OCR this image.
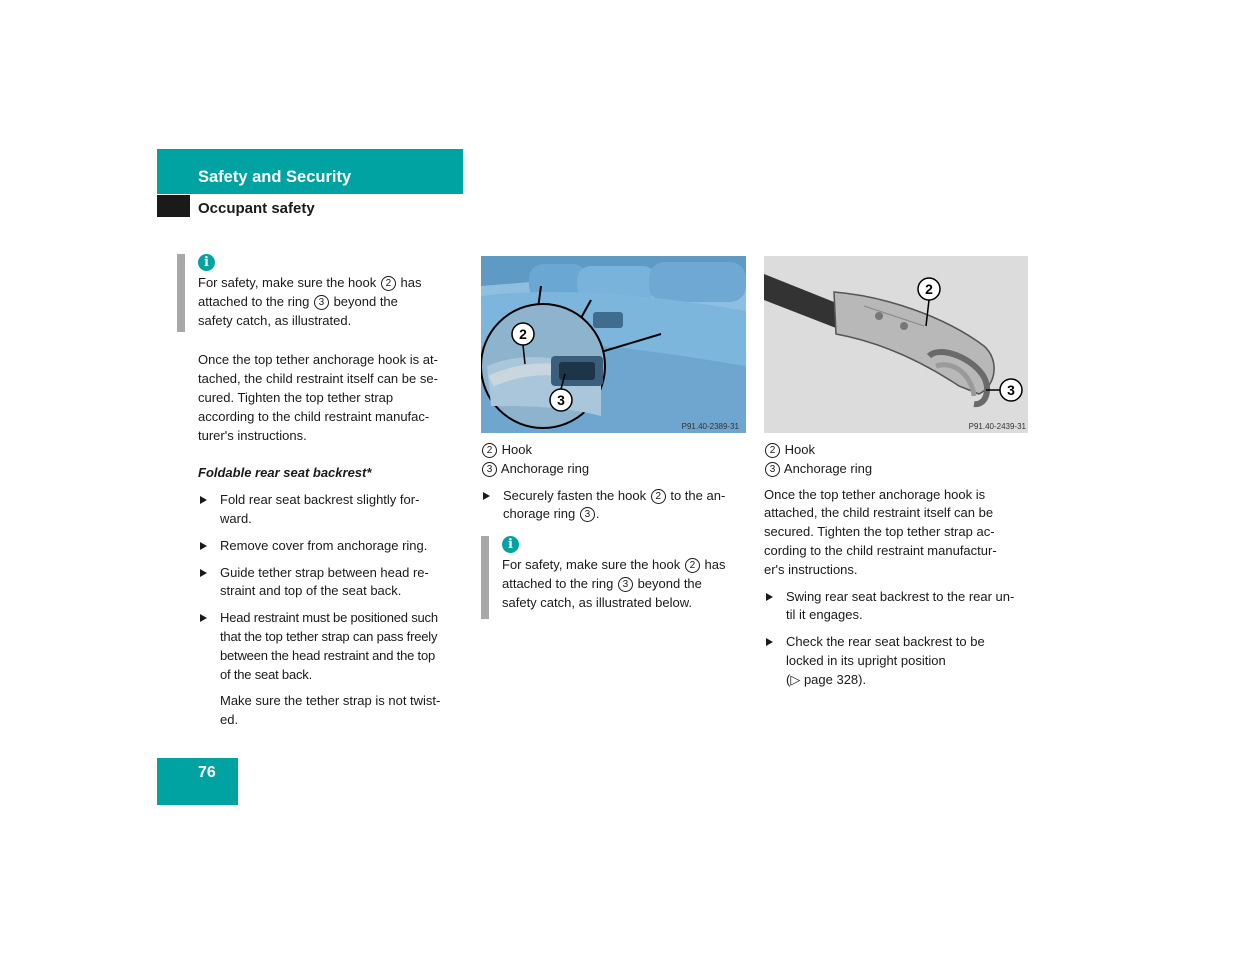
Safety and Security
Occupant safety
i

For safety, make sure the hook 2 has
attached to the ring 3 beyond the
safety catch, as illustrated.

Once the top tether anchorage hook is at-
tached, the child restraint itself can be se-
cured. Tighten the top tether strap
according to the child restraint manufac-
turer's instructions.

Foldable rear seat backrest*

Fold rear seat backrest slightly for-
ward.

Remove cover from anchorage ring.

Guide tether strap between head re-
straint and top of the seat back.

Head restraint must be positioned such
that the top tether strap can pass freely
between the head restraint and the top
of the seat back.

Make sure the tether strap is not twist-
ed.

2
3
P91.40-2389-31

2 Hook

3 Anchorage ring

Securely fasten the hook 2 to the an-
chorage ring 3 .

i

For safety, make sure the hook 2 has
attached to the ring 3 beyond the
safety catch, as illustrated below.

2
3
P91.40-2439-31

2 Hook

3 Anchorage ring

Once the top tether anchorage hook is
attached, the child restraint itself can be
secured. Tighten the top tether strap ac-
cording to the child restraint manufactur-
er's instructions.

Swing rear seat backrest to the rear un-
til it engages.

Check the rear seat backrest to be
locked in its upright position
(▷ page 328).

76
